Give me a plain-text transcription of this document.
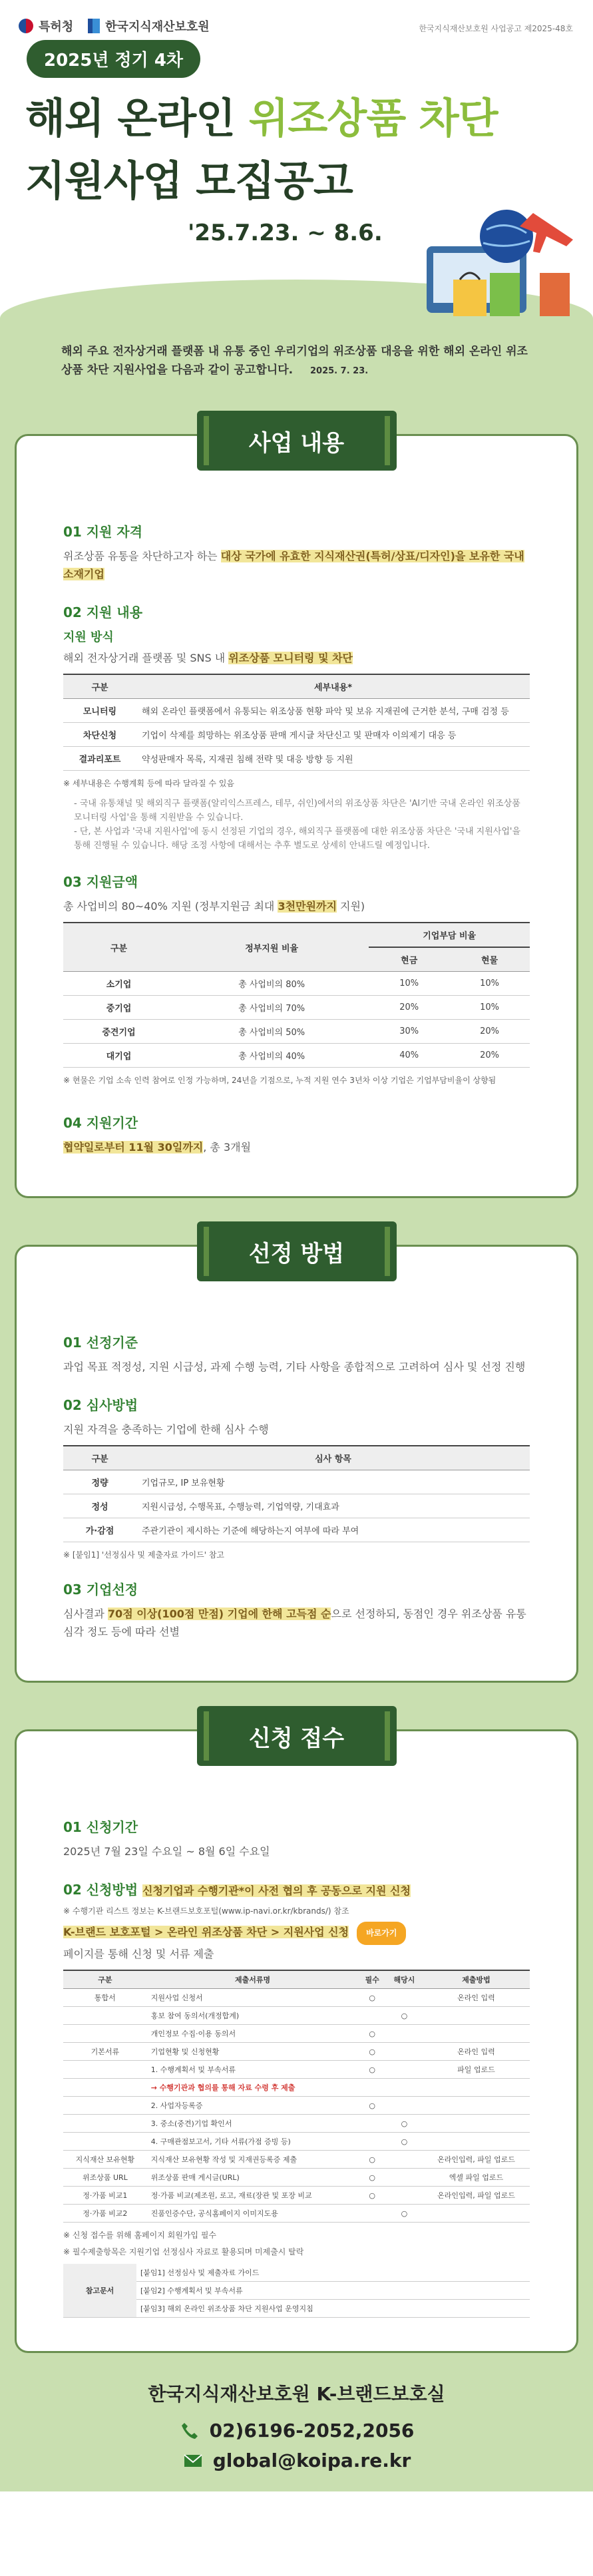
특허청	한국지식재산보호원	한국지식재산보호원 사업공고 제2025-48호
2025년 정기 4차
해외 온라인 위조상품 차단
지원사업 모집공고
'25.7.23. ~ 8.6.
해외 주요 전자상거래 플랫폼 내 유통 중인 우리기업의 위조상품 대응을 위한 해외 온라인 위조상품 차단 지원사업을 다음과 같이 공고합니다. 2025. 7. 23.
사업 내용
01 지원 자격

위조상품 유통을 차단하고자 하는 대상 국가에 유효한 지식재산권(특허/상표/디자인)을 보유한 국내 소재기업

02 지원 내용
지원 방식

해외 전자상거래 플랫폼 및 SNS 내 위조상품 모니터링 및 차단

구분	세부내용*
모니터링	해외 온라인 플랫폼에서 유통되는 위조상품 현황 파악 및 보유 지재권에 근거한 분석, 구매 검정 등
차단신청	기업이 삭제를 희망하는 위조상품 판매 게시글 차단신고 및 판매자 이의제기 대응 등
결과리포트	약성판매자 목록, 지재권 침해 전략 및 대응 방향 등 지원
※ 세부내용은 수행계획 등에 따라 달라질 수 있음
- 국내 유통채널 및 해외직구 플랫폼(알리익스프레스, 테무, 쉬인)에서의 위조상품 차단은 'AI기반 국내 온라인 위조상품 모니터링 사업'을 통해 지원받을 수 있습니다.
- 단, 본 사업과 '국내 지원사업'에 동시 선정된 기업의 경우, 해외직구 플랫폼에 대한 위조상품 차단은 '국내 지원사업'을 통해 진행될 수 있습니다. 해당 조정 사항에 대해서는 추후 별도로 상세히 안내드릴 예정입니다.
03 지원금액

총 사업비의 80~40% 지원 (정부지원금 최대 3천만원까지 지원)

구분	정부지원 비율	기업부담 비율	
		현금	현물
소기업	총 사업비의 80%	10%	10%
중기업	총 사업비의 70%	20%	10%
중견기업	총 사업비의 50%	30%	20%
대기업	총 사업비의 40%	40%	20%
※ 현물은 기업 소속 인력 참여로 인정 가능하며, 24년을 기점으로, 누적 지원 연수 3년차 이상 기업은 기업부담비율이 상향됨
04 지원기간

협약일로부터 11월 30일까지, 총 3개월

선정 방법
01 선정기준

과업 목표 적정성, 지원 시급성, 과제 수행 능력, 기타 사항을 종합적으로 고려하여 심사 및 선정 진행

02 심사방법

지원 자격을 충족하는 기업에 한해 심사 수행

구분	심사 항목
정량	기업규모, IP 보유현황
정성	지원시급성, 수행목표, 수행능력, 기업역량, 기대효과
가·감점	주관기관이 제시하는 기준에 해당하는지 여부에 따라 부여
※ [붙임1] '선정심사 및 제출자료 가이드' 참고
03 기업선정

심사결과 70점 이상(100점 만점) 기업에 한해 고득점 순으로 선정하되, 동점인 경우 위조상품 유통 심각 정도 등에 따라 선별

신청 접수
01 신청기간

2025년 7월 23일 수요일 ~ 8월 6일 수요일

02 신청방법 신청기업과 수행기관*이 사전 협의 후 공동으로 지원 신청
※ 수행기관 리스트 정보는 K-브랜드보호포털(www.ip-navi.or.kr/kbrands/) 참조

K-브랜드 보호포털 > 온라인 위조상품 차단 > 지원사업 신청 바로가기

페이지를 통해 신청 및 서류 제출

구분	제출서류명	필수	해당시	제출방법
통합서	지원사업 신청서	○		온라인 입력
	홍보 참여 동의서(개정합계)		○	
	개인정보 수집·이용 동의서	○		
기본서류	기업현황 및 신청현황	○		온라인 입력
	1. 수행계획서 및 부속서류	○		파일 업로드
	→ 수행기관과 협의를 통해 자료 수령 후 제출			
	2. 사업자등록증	○		
	3. 중소(중견)기업 확인서		○	
	4. 구매관점보고서, 기타 서류(가점 증빙 등)		○	
지식재산 보유현황	지식재산 보유현황 작성 및 지재권등록증 제출	○		온라인입력, 파일 업로드
위조상품 URL	위조상품 판매 게시글(URL)	○		엑셀 파일 업로드
정·가품 비교1	정·가품 비교(제조원, 로고, 재료(장관 및 포장 비교	○		온라인입력, 파일 업로드
정·가품 비교2	진품인증수단, 공식홈페이지 이미지도용		○	
※ 신청 접수를 위해 홈페이지 회원가입 필수
※ 필수제출항목은 지원기업 선정심사 자료로 활용되며 미제출시 탈락
참고문서	[붙임1] 선정심사 및 제출자료 가이드
[붙임2] 수행계획서 및 부속서류
[붙임3] 해외 온라인 위조상품 차단 지원사업 운영지침
한국지식재산보호원 K-브랜드보호실
02)6196-2052,2056
global@koipa.re.kr
